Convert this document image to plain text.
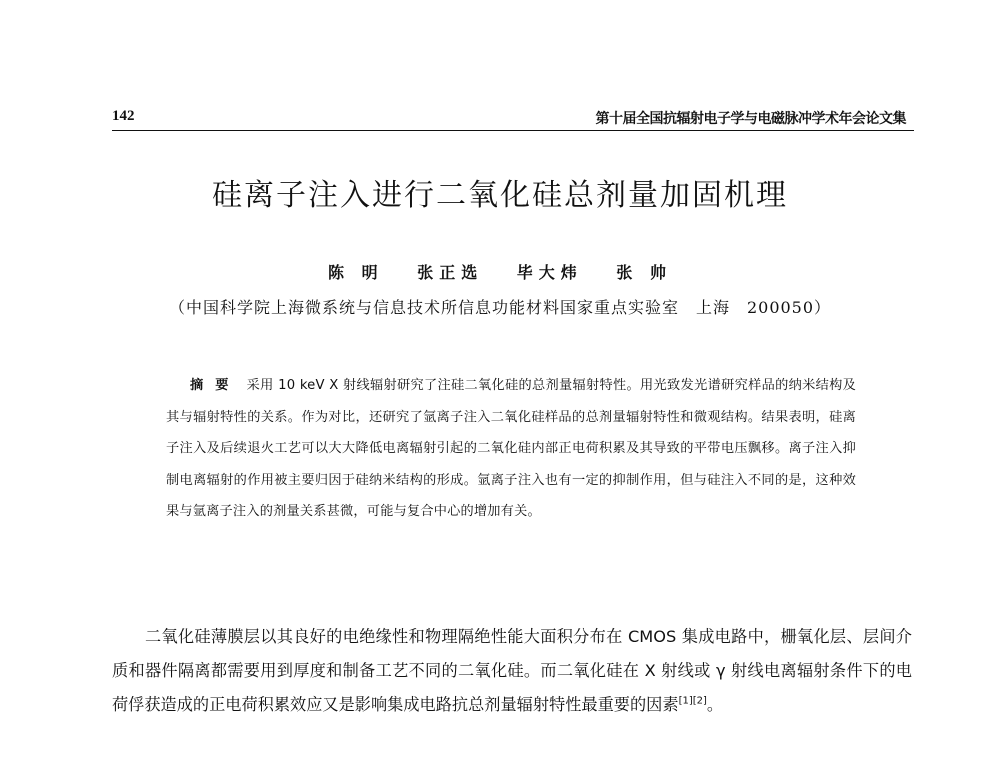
142	第十届全国抗辐射电子学与电磁脉冲学术年会论文集
硅离子注入进行二氧化硅总剂量加固机理
陈 明 张正选 毕大炜 张 帅
（中国科学院上海微系统与信息技术所信息功能材料国家重点实验室　上海　200050）
摘要 采用 10 keV X 射线辐射研究了注硅二氧化硅的总剂量辐射特性。用光致发光谱研究样品的纳米结构及其与辐射特性的关系。作为对比，还研究了氩离子注入二氧化硅样品的总剂量辐射特性和微观结构。结果表明，硅离子注入及后续退火工艺可以大大降低电离辐射引起的二氧化硅内部正电荷积累及其导致的平带电压飘移。离子注入抑制电离辐射的作用被主要归因于硅纳米结构的形成。氩离子注入也有一定的抑制作用，但与硅注入不同的是，这种效果与氩离子注入的剂量关系甚微，可能与复合中心的增加有关。
二氧化硅薄膜层以其良好的电绝缘性和物理隔绝性能大面积分布在 CMOS 集成电路中，栅氧化层、层间介质和器件隔离都需要用到厚度和制备工艺不同的二氧化硅。而二氧化硅在 X 射线或 γ 射线电离辐射条件下的电荷俘获造成的正电荷积累效应又是影响集成电路抗总剂量辐射特性最重要的因素[1][2]。
